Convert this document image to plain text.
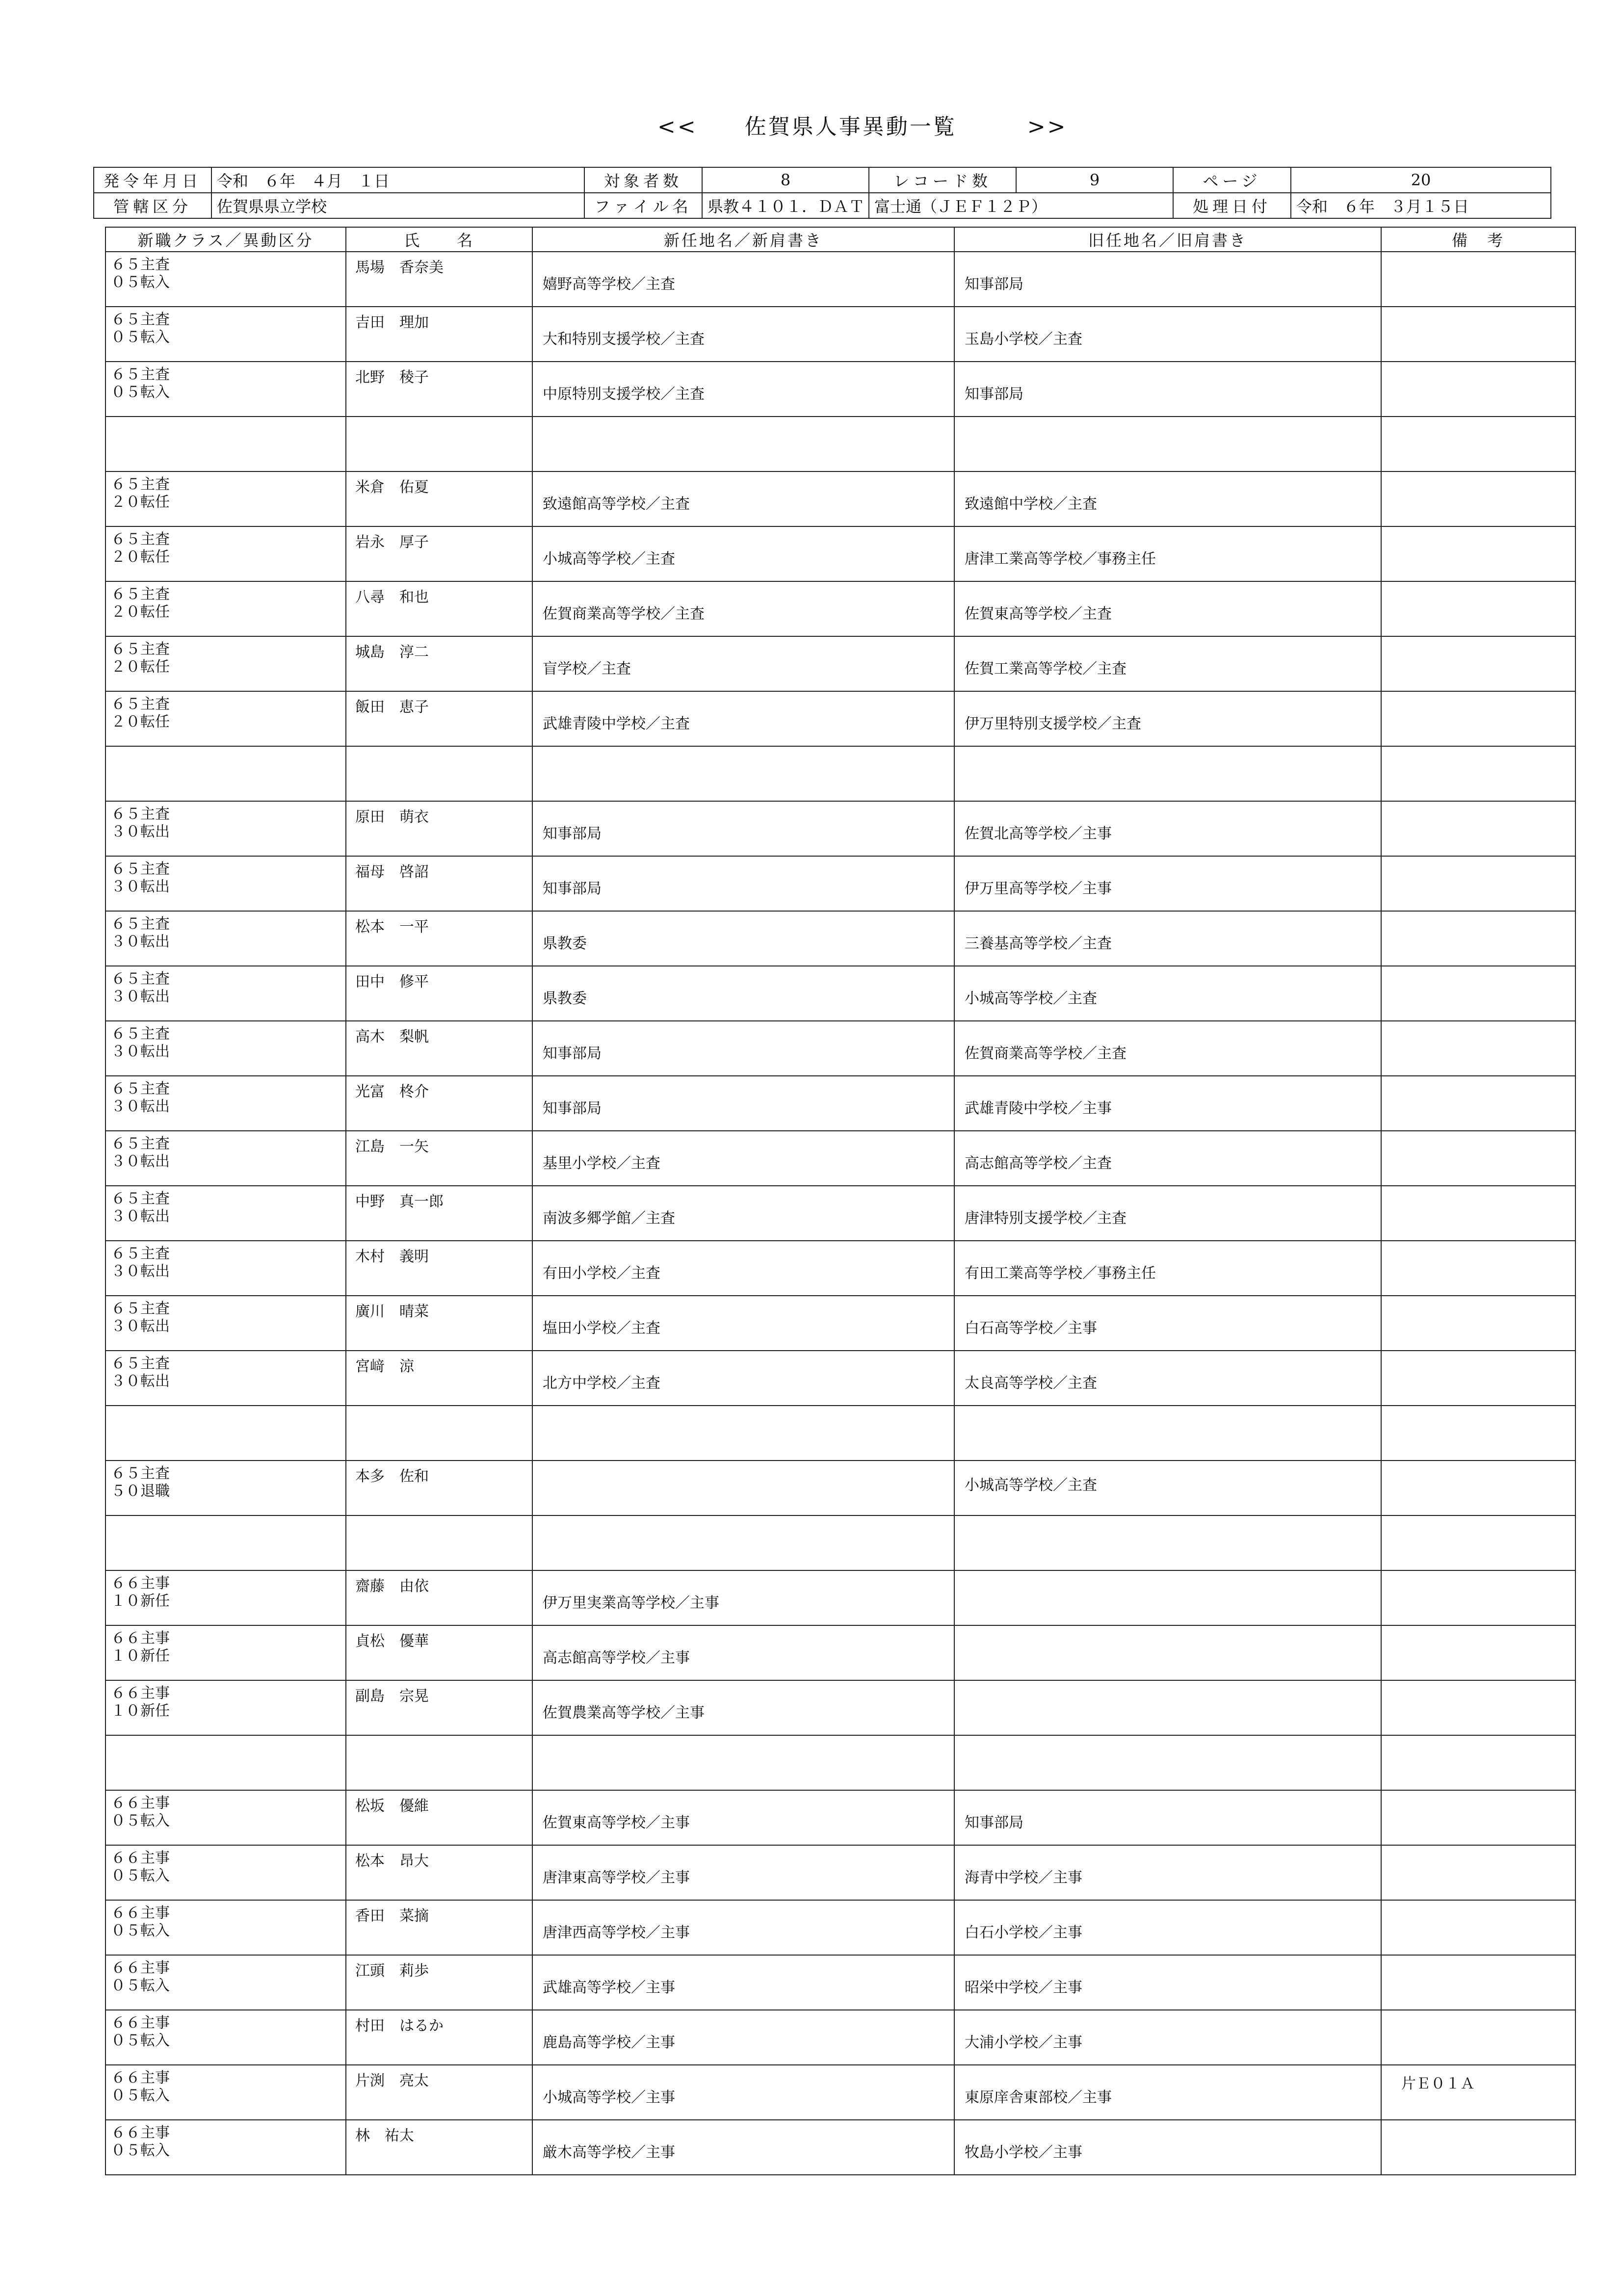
<<　　佐賀県人事異動一覧　　　>>
発令年月日	令和　６年　４月　１日	対象者数	8	レコード数	9	ページ	20
管轄区分	佐賀県県立学校	ファイル名	県教４１０１．ＤＡＴ	富士通（ＪＥＦ１２Ｐ）		処理日付	令和　６年　３月１５日
新職クラス／異動区分	氏　　名	新任地名／新肩書き	旧任地名／旧肩書き	備　考

６５主査
０５転入	馬場　香奈美	嬉野高等学校／主査	知事部局	

６５主査
０５転入	吉田　理加	大和特別支援学校／主査	玉島小学校／主査	

６５主査
０５転入	北野　稜子	中原特別支援学校／主査	知事部局	

６５主査
２０転任	米倉　佑夏	致遠館高等学校／主査	致遠館中学校／主査	

６５主査
２０転任	岩永　厚子	小城高等学校／主査	唐津工業高等学校／事務主任	

６５主査
２０転任	八尋　和也	佐賀商業高等学校／主査	佐賀東高等学校／主査	

６５主査
２０転任	城島　淳二	盲学校／主査	佐賀工業高等学校／主査	

６５主査
２０転任	飯田　恵子	武雄青陵中学校／主査	伊万里特別支援学校／主査	

６５主査
３０転出	原田　萌衣	知事部局	佐賀北高等学校／主事	

６５主査
３０転出	福母　啓詔	知事部局	伊万里高等学校／主事	

６５主査
３０転出	松本　一平	県教委	三養基高等学校／主査	

６５主査
３０転出	田中　修平	県教委	小城高等学校／主査	

６５主査
３０転出	高木　梨帆	知事部局	佐賀商業高等学校／主査	

６５主査
３０転出	光富　柊介	知事部局	武雄青陵中学校／主事	

６５主査
３０転出	江島　一矢	基里小学校／主査	高志館高等学校／主査	

６５主査
３０転出	中野　真一郎	南波多郷学館／主査	唐津特別支援学校／主査	

６５主査
３０転出	木村　義明	有田小学校／主査	有田工業高等学校／事務主任	

６５主査
３０転出	廣川　晴菜	塩田小学校／主査	白石高等学校／主事	

６５主査
３０転出	宮﨑　涼	北方中学校／主査	太良高等学校／主査	

６５主査
５０退職	本多　佐和		小城高等学校／主査	

６６主事
１０新任	齋藤　由依	伊万里実業高等学校／主事		

６６主事
１０新任	貞松　優華	高志館高等学校／主事		

６６主事
１０新任	副島　宗晃	佐賀農業高等学校／主事		

６６主事
０５転入	松坂　優維	佐賀東高等学校／主事	知事部局	

６６主事
０５転入	松本　昂大	唐津東高等学校／主事	海青中学校／主事	

６６主事
０５転入	香田　菜摘	唐津西高等学校／主事	白石小学校／主事	

６６主事
０５転入	江頭　莉歩	武雄高等学校／主事	昭栄中学校／主事	

６６主事
０５転入	村田　はるか	鹿島高等学校／主事	大浦小学校／主事	

６６主事
０５転入	片渕　亮太	小城高等学校／主事	東原庠舎東部校／主事	片Ｅ０１Ａ

６６主事
０５転入	林　祐太	厳木高等学校／主事	牧島小学校／主事	
